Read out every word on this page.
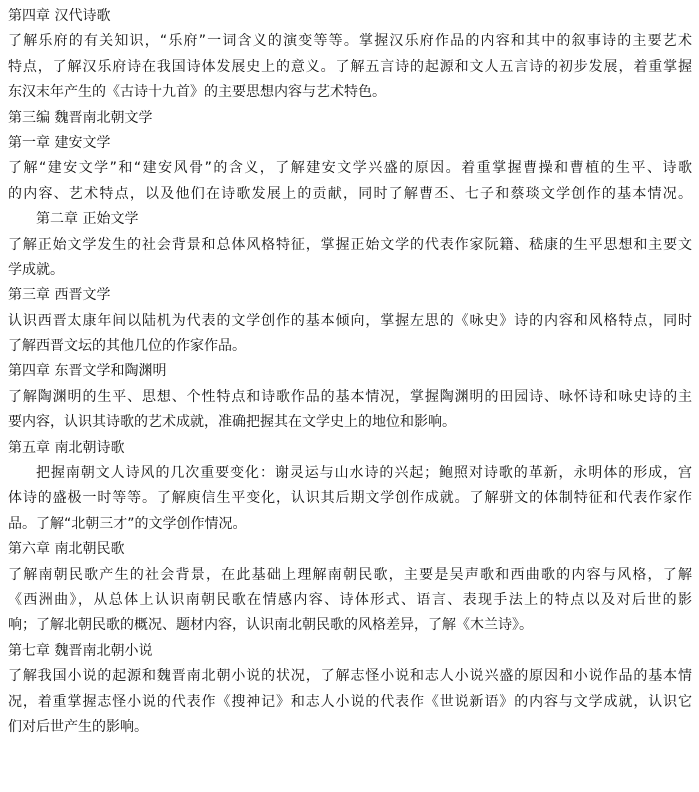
第四章 汉代诗歌
了解乐府的有关知识，“乐府”一词含义的演变等等。掌握汉乐府作品的内容和其中的叙事诗的主要艺术
特点，了解汉乐府诗在我国诗体发展史上的意义。了解五言诗的起源和文人五言诗的初步发展，着重掌握
东汉末年产生的《古诗十九首》的主要思想内容与艺术特色。
第三编 魏晋南北朝文学
第一章 建安文学
了解“建安文学”和“建安风骨”的含义，了解建安文学兴盛的原因。着重掌握曹操和曹植的生平、诗歌
的内容、艺术特点，以及他们在诗歌发展上的贡献，同时了解曹丕、七子和蔡琰文学创作的基本情况。
第二章 正始文学
了解正始文学发生的社会背景和总体风格特征，掌握正始文学的代表作家阮籍、嵇康的生平思想和主要文
学成就。
第三章 西晋文学
认识西晋太康年间以陆机为代表的文学创作的基本倾向，掌握左思的《咏史》诗的内容和风格特点，同时
了解西晋文坛的其他几位的作家作品。
第四章 东晋文学和陶渊明
了解陶渊明的生平、思想、个性特点和诗歌作品的基本情况，掌握陶渊明的田园诗、咏怀诗和咏史诗的主
要内容，认识其诗歌的艺术成就，准确把握其在文学史上的地位和影响。
第五章 南北朝诗歌
把握南朝文人诗风的几次重要变化：谢灵运与山水诗的兴起；鲍照对诗歌的革新，永明体的形成，宫
体诗的盛极一时等等。了解庾信生平变化，认识其后期文学创作成就。了解骈文的体制特征和代表作家作
品。了解“北朝三才”的文学创作情况。
第六章 南北朝民歌
了解南朝民歌产生的社会背景，在此基础上理解南朝民歌，主要是吴声歌和西曲歌的内容与风格，了解
《西洲曲》，从总体上认识南朝民歌在情感内容、诗体形式、语言、表现手法上的特点以及对后世的影
响；了解北朝民歌的概况、题材内容，认识南北朝民歌的风格差异，了解《木兰诗》。
第七章 魏晋南北朝小说
了解我国小说的起源和魏晋南北朝小说的状况，了解志怪小说和志人小说兴盛的原因和小说作品的基本情
况，着重掌握志怪小说的代表作《搜神记》和志人小说的代表作《世说新语》的内容与文学成就，认识它
们对后世产生的影响。
